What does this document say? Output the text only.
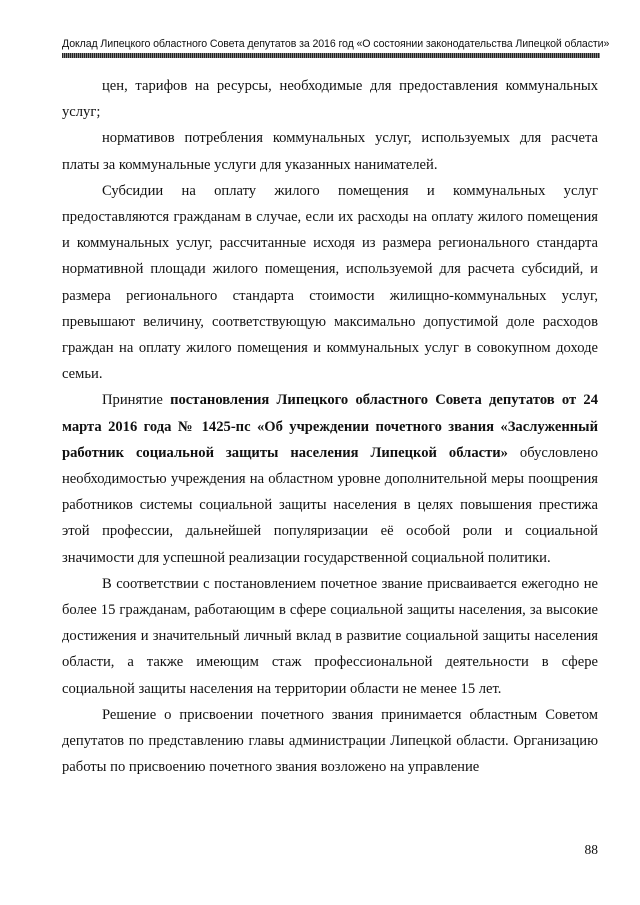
Доклад Липецкого областного Совета депутатов за 2016 год «О состоянии законодательства Липецкой области»

цен, тарифов на ресурсы, необходимые для предоставления коммунальных услуг;

нормативов потребления коммунальных услуг, используемых для расчета платы за коммунальные услуги для указанных нанимателей.

Субсидии на оплату жилого помещения и коммунальных услуг предоставляются гражданам в случае, если их расходы на оплату жилого помещения и коммунальных услуг, рассчитанные исходя из размера регионального стандарта нормативной площади жилого помещения, используемой для расчета субсидий, и размера регионального стандарта стоимости жилищно-коммунальных услуг, превышают величину, соответствующую максимально допустимой доле расходов граждан на оплату жилого помещения и коммунальных услуг в совокупном доходе семьи.

Принятие постановления Липецкого областного Совета депутатов от 24 марта 2016 года № 1425-пс «Об учреждении почетного звания «Заслуженный работник социальной защиты населения Липецкой области» обусловлено необходимостью учреждения на областном уровне дополнительной меры поощрения работников системы социальной защиты населения в целях повышения престижа этой профессии, дальнейшей популяризации её особой роли и социальной значимости для успешной реализации государственной социальной политики.

В соответствии с постановлением почетное звание присваивается ежегодно не более 15 гражданам, работающим в сфере социальной защиты населения, за высокие достижения и значительный личный вклад в развитие социальной защиты населения области, а также имеющим стаж профессиональной деятельности в сфере социальной защиты населения на территории области не менее 15 лет.

Решение о присвоении почетного звания принимается областным Советом депутатов по представлению главы администрации Липецкой области. Организацию работы по присвоению почетного звания возложено на управление

88
